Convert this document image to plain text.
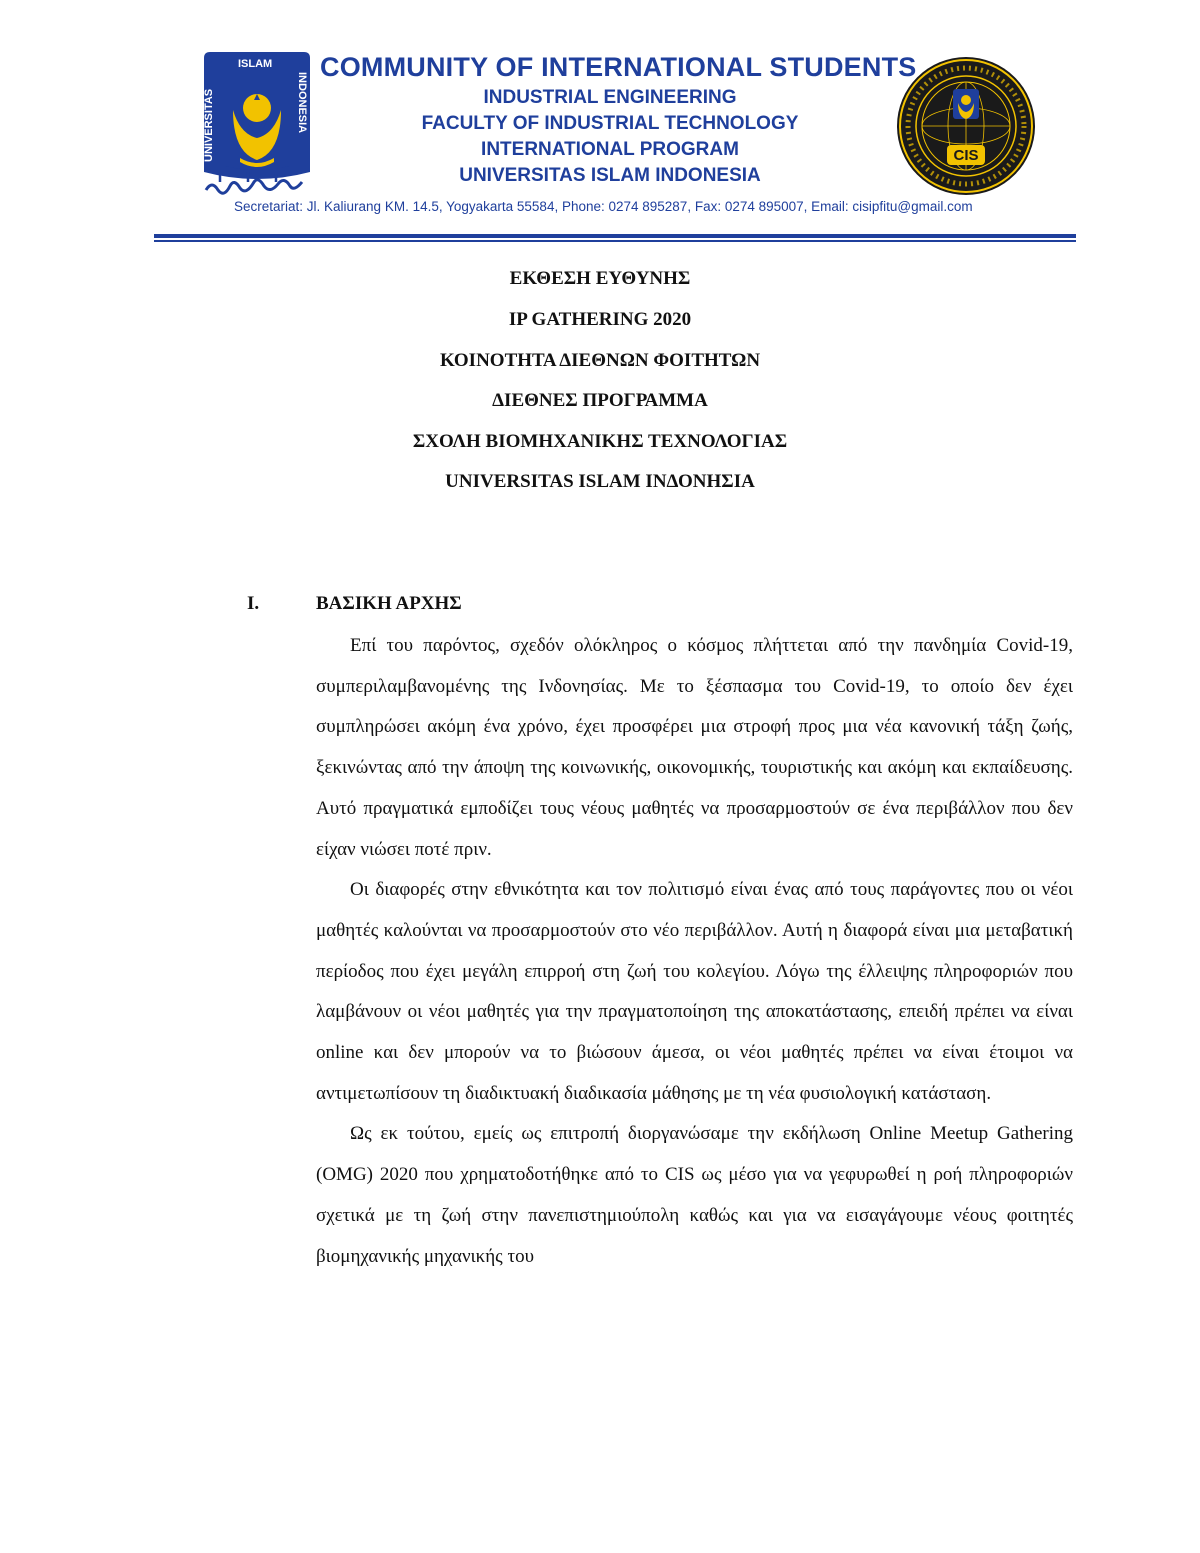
UNIVERSITAS
ISLAM
INDONESIA
COMMUNITY OF INTERNATIONAL STUDENTS
INDUSTRIAL ENGINEERING
FACULTY OF INDUSTRIAL TECHNOLOGY
INTERNATIONAL PROGRAM
UNIVERSITAS ISLAM INDONESIA
CIS
Secretariat: Jl. Kaliurang KM. 14.5, Yogyakarta 55584, Phone: 0274 895287, Fax: 0274 895007, Email: cisipfitu@gmail.com
ΕΚΘΕΣΗ ΕΥΘΥΝΗΣ
IP GATHERING 2020
ΚΟΙΝΟΤΗΤΑ ΔΙΕΘΝΩΝ ΦΟΙΤΗΤΩΝ
ΔΙΕΘΝΕΣ ΠΡΟΓΡΑΜΜΑ
ΣΧΟΛΗ ΒΙΟΜΗΧΑΝΙΚΗΣ ΤΕΧΝΟΛΟΓΙΑΣ
UNIVERSITAS ISLAM ΙΝΔΟΝΗΣΙΑ
I.	ΒΑΣΙΚΗ ΑΡΧΗΣ

Επί του παρόντος, σχεδόν ολόκληρος ο κόσμος πλήττεται από την πανδημία Covid-19, συμπεριλαμβανομένης της Ινδονησίας. Με το ξέσπασμα του Covid-19, το οποίο δεν έχει συμπληρώσει ακόμη ένα χρόνο, έχει προσφέρει μια στροφή προς μια νέα κανονική τάξη ζωής, ξεκινώντας από την άποψη της κοινωνικής, οικονομικής, τουριστικής και ακόμη και εκπαίδευσης. Αυτό πραγματικά εμποδίζει τους νέους μαθητές να προσαρμοστούν σε ένα περιβάλλον που δεν είχαν νιώσει ποτέ πριν.

Οι διαφορές στην εθνικότητα και τον πολιτισμό είναι ένας από τους παράγοντες που οι νέοι μαθητές καλούνται να προσαρμοστούν στο νέο περιβάλλον. Αυτή η διαφορά είναι μια μεταβατική περίοδος που έχει μεγάλη επιρροή στη ζωή του κολεγίου. Λόγω της έλλειψης πληροφοριών που λαμβάνουν οι νέοι μαθητές για την πραγματοποίηση της αποκατάστασης, επειδή πρέπει να είναι online και δεν μπορούν να το βιώσουν άμεσα, οι νέοι μαθητές πρέπει να είναι έτοιμοι να αντιμετωπίσουν τη διαδικτυακή διαδικασία μάθησης με τη νέα φυσιολογική κατάσταση.

Ως εκ τούτου, εμείς ως επιτροπή διοργανώσαμε την εκδήλωση Online Meetup Gathering (OMG) 2020 που χρηματοδοτήθηκε από το CIS ως μέσο για να γεφυρωθεί η ροή πληροφοριών σχετικά με τη ζωή στην πανεπιστημιούπολη καθώς και για να εισαγάγουμε νέους φοιτητές βιομηχανικής μηχανικής του
